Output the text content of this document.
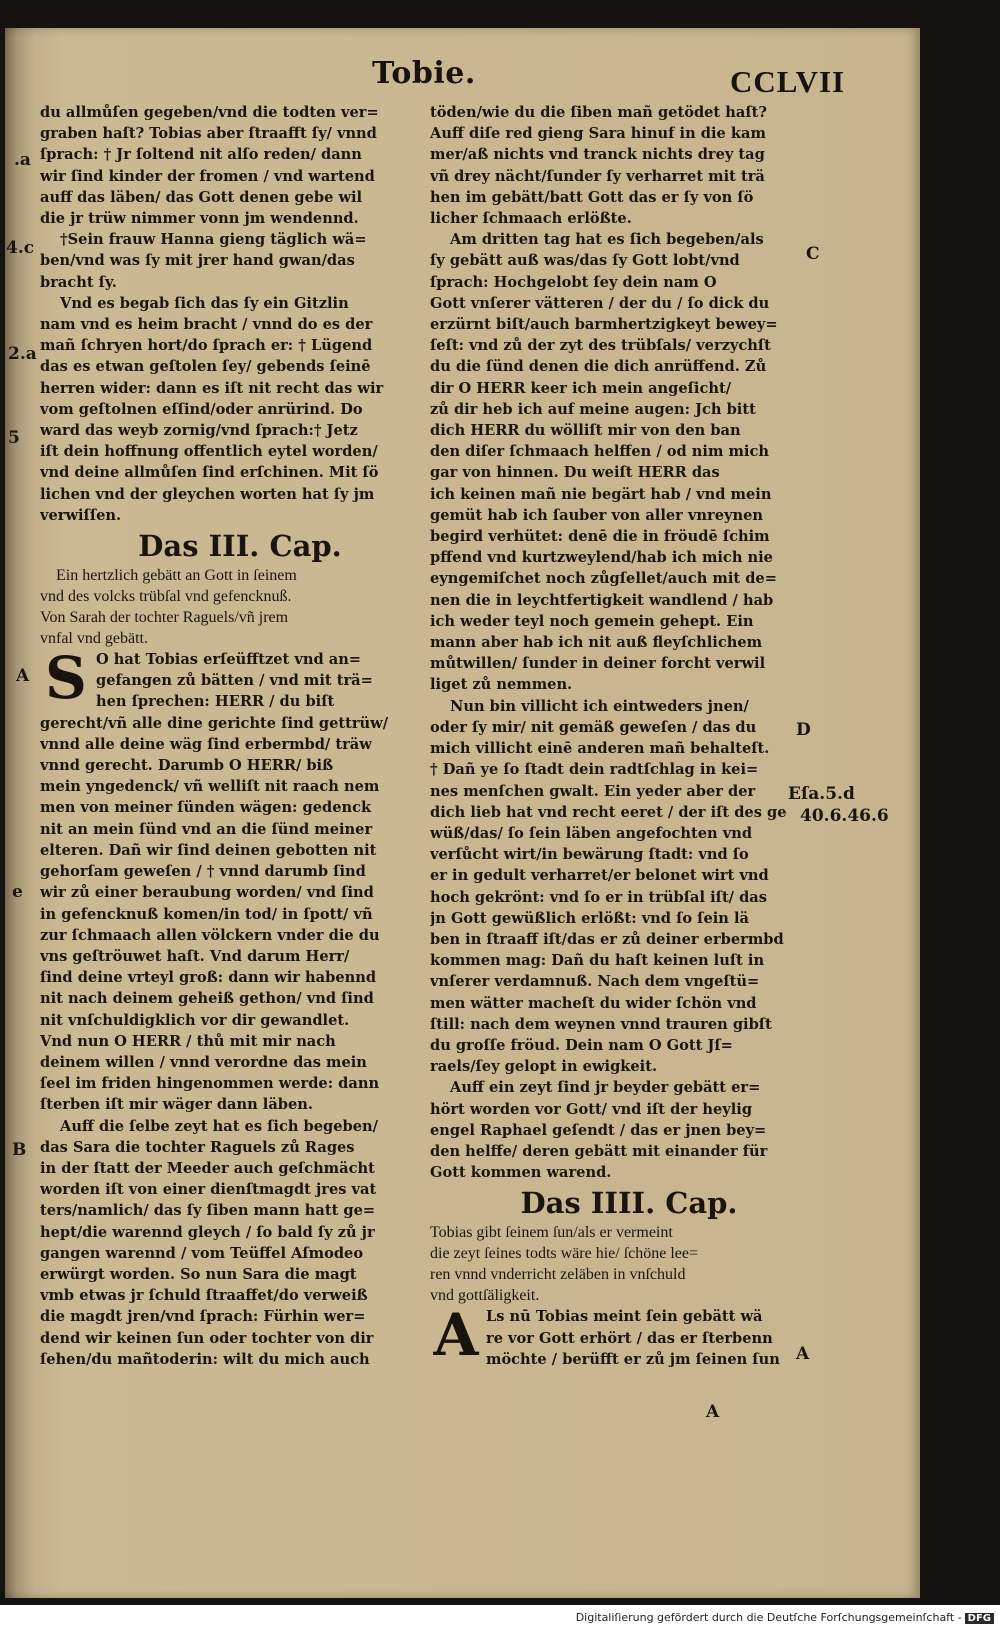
Tobie.	CCLVII
du allmůſen gegeben/vnd die todten ver=
graben haſt? Tobias aber ſtraafft ſy/ vnnd
ſprach: † Jr ſoltend nit alſo reden/ dann
wir ſind kinder der fromen / vnd wartend
auff das läben/ das Gott denen gebe wil
die jr trüw nimmer vonn jm wendennd.
†Sein frauw Hanna gieng täglich wä=
ben/vnd was ſy mit jrer hand gwan/das
bracht ſy.
Vnd es begab ſich das ſy ein Gitzlin
nam vnd es heim bracht / vnnd do es der
mañ ſchryen hort/do ſprach er: † Lügend
das es etwan geſtolen ſey/ gebends ſeinē
herren wider: dann es iſt nit recht das wir
vom geſtolnen eſſind/oder anrürind. Do
ward das weyb zornig/vnd ſprach:† Jetz
iſt dein hoffnung offentlich eytel worden/
vnd deine allmůſen ſind erſchinen. Mit ſö
lichen vnd der gleychen worten hat ſy jm
verwiſſen.
Das III. Cap.
Ein hertzlich gebätt an Gott in ſeinem
vnd des volcks trübſal vnd gefencknuß.
Von Sarah der tochter Raguels/vñ jrem
vnfal vnd gebätt.
S O hat Tobias erſeüfftzet vnd an=
gefangen zů bätten / vnd mit trä=
hen ſprechen: HERR / du biſt
gerecht/vñ alle dine gerichte ſind gettrüw/
vnnd alle deine wäg ſind erbermbd/ träw
vnnd gerecht. Darumb O HERR/ biß
mein yngedenck/ vñ welliſt nit raach nem
men von meiner ſünden wägen: gedenck
nit an mein ſünd vnd an die ſünd meiner
elteren. Dañ wir ſind deinen gebotten nit
gehorſam geweſen / † vnnd darumb ſind
wir zů einer beraubung worden/ vnd ſind
in gefencknuß komen/in tod/ in ſpott/ vñ
zur ſchmaach allen völckern vnder die du
vns geſtröuwet haſt. Vnd darum Herr/
ſind deine vrteyl groß: dann wir habennd
nit nach deinem geheiß gethon/ vnd ſind
nit vnſchuldigklich vor dir gewandlet.
Vnd nun O HERR / thů mit mir nach
deinem willen / vnnd verordne das mein
ſeel im friden hingenommen werde: dann
ſterben iſt mir wäger dann läben.
Auff die ſelbe zeyt hat es ſich begeben/
das Sara die tochter Raguels zů Rages
in der ſtatt der Meeder auch geſchmächt
worden iſt von einer dienſtmagdt jres vat
ters/namlich/ das ſy ſiben mann hatt ge=
hept/die warennd gleych / ſo bald ſy zů jr
gangen warennd / vom Teüffel Aſmodeo
erwürgt worden. So nun Sara die magt
vmb etwas jr ſchuld ſtraaffet/do verweiß
die magdt jren/vnd ſprach: Fürhin wer=
dend wir keinen ſun oder tochter von dir
ſehen/du mañtoderin: wilt du mich auch
töden/wie du die ſiben mañ getödet haſt?
Auff diſe red gieng Sara hinuf in die kam
mer/aß nichts vnd tranck nichts drey tag
vñ drey nächt/ſunder ſy verharret mit trä
hen im gebätt/batt Gott das er ſy von ſö
licher ſchmaach erlößte.
Am dritten tag hat es ſich begeben/als
ſy gebätt auß was/das ſy Gott lobt/vnd
ſprach: Hochgelobt ſey dein nam O
Gott vnſerer vätteren / der du / ſo dick du
erzürnt biſt/auch barmhertzigkeyt bewey=
ſeſt: vnd zů der zyt des trübſals/ verzychſt
du die ſünd denen die dich anrüffend. Zů
dir O HERR keer ich mein angeſicht/
zů dir heb ich auf meine augen: Jch bitt
dich HERR du wölliſt mir von den ban
den diſer ſchmaach helffen / od nim mich
gar von hinnen. Du weiſt HERR das
ich keinen mañ nie begärt hab / vnd mein
gemüt hab ich ſauber von aller vnreynen
begird verhütet: denē die in fröudē ſchim
pffend vnd kurtzweylend/hab ich mich nie
eyngemiſchet noch zůgſellet/auch mit de=
nen die in leychtfertigkeit wandlend / hab
ich weder teyl noch gemein gehept. Ein
mann aber hab ich nit auß fleyſchlichem
můtwillen/ ſunder in deiner forcht verwil
liget zů nemmen.
Nun bin villicht ich eintweders jnen/
oder ſy mir/ nit gemäß geweſen / das du
mich villicht einē anderen mañ behalteſt.
† Dañ ye ſo ſtadt dein radtſchlag in kei=
nes menſchen gwalt. Ein yeder aber der
dich lieb hat vnd recht eeret / der iſt des ge
wüß/das/ ſo ſein läben angefochten vnd
verſůcht wirt/in bewärung ſtadt: vnd ſo
er in gedult verharret/er belonet wirt vnd
hoch gekrönt: vnd ſo er in trübſal iſt/ das
jn Gott gewüßlich erlößt: vnd ſo ſein lä
ben in ſtraaff iſt/das er zů deiner erbermbd
kommen mag: Dañ du haſt keinen luſt in
vnſerer verdamnuß. Nach dem vngeſtü=
men wätter macheſt du wider ſchön vnd
ſtill: nach dem weynen vnnd trauren gibſt
du groſſe fröud. Dein nam O Gott Jſ=
raels/ſey gelopt in ewigkeit.
Auff ein zeyt ſind jr beyder gebätt er=
hört worden vor Gott/ vnd iſt der heylig
engel Raphael geſendt / das er jnen bey=
den helffe/ deren gebätt mit einander für
Gott kommen warend.
Das IIII. Cap.
Tobias gibt ſeinem ſun/als er vermeint
die zeyt ſeines todts wäre hie/ ſchöne lee=
ren vnnd vnderricht zeläben in vnſchuld
vnd gottſäligkeit.
A Ls nū Tobias meint ſein gebätt wä
re vor Gott erhört / das er ſterbenn
möchte / berüfft er zů jm ſeinen ſun
.a
4.c
2.a
5
A
e
B
C
D
Eſa.5.d
40.6.46.6
A
A
Digitaliſierung gefördert durch die Deutſche Forſchungsgemeinſchaft - DFG
